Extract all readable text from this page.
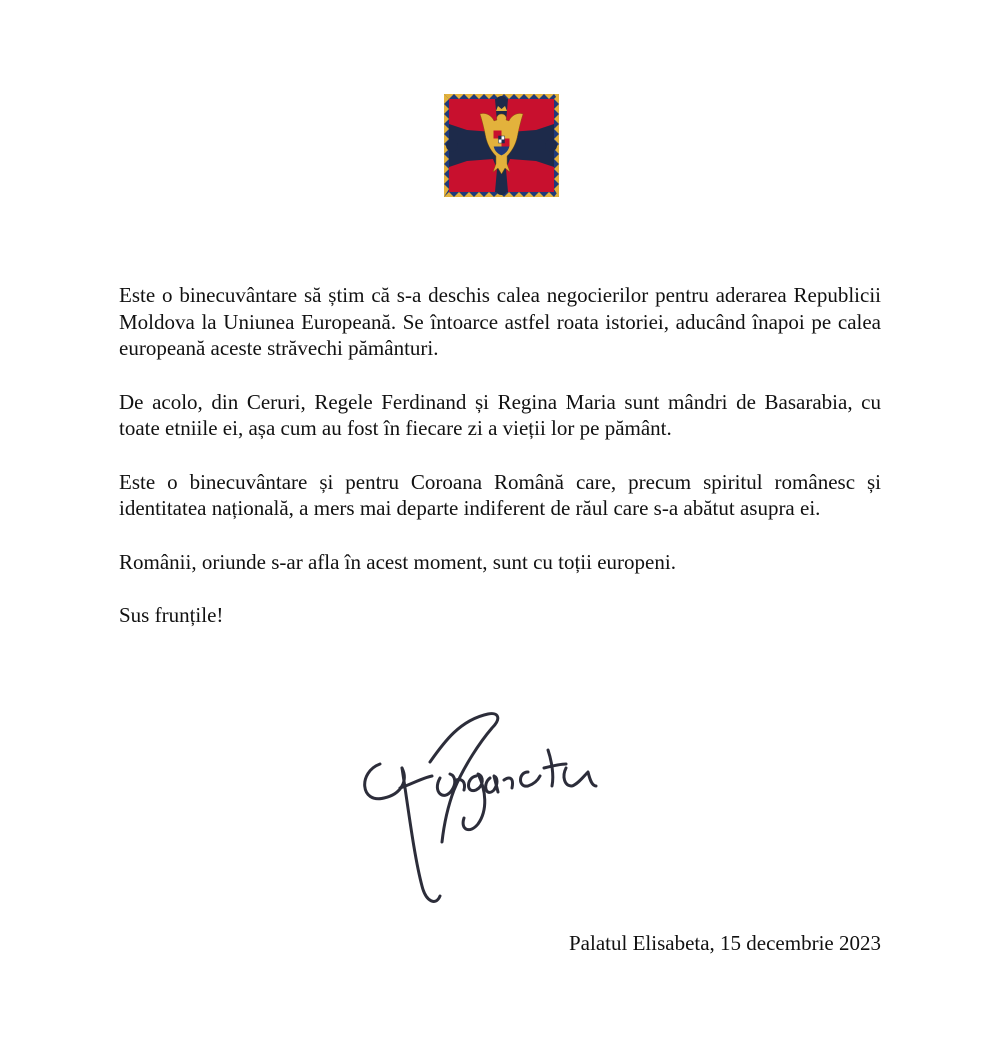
Este o binecuvântare să știm că s-a deschis calea negocierilor pentru aderarea Republicii Moldova la Uniunea Europeană. Se întoarce astfel roata istoriei, aducând înapoi pe calea europeană aceste străvechi pământuri.

De acolo, din Ceruri, Regele Ferdinand și Regina Maria sunt mândri de Basarabia, cu toate etniile ei, așa cum au fost în fiecare zi a vieții lor pe pământ.

Este o binecuvântare și pentru Coroana Română care, precum spiritul românesc și identitatea națională, a mers mai departe indiferent de răul care s-a abătut asupra ei.

Românii, oriunde s-ar afla în acest moment, sunt cu toții europeni.

Sus frunțile!

Palatul Elisabeta, 15 decembrie 2023
